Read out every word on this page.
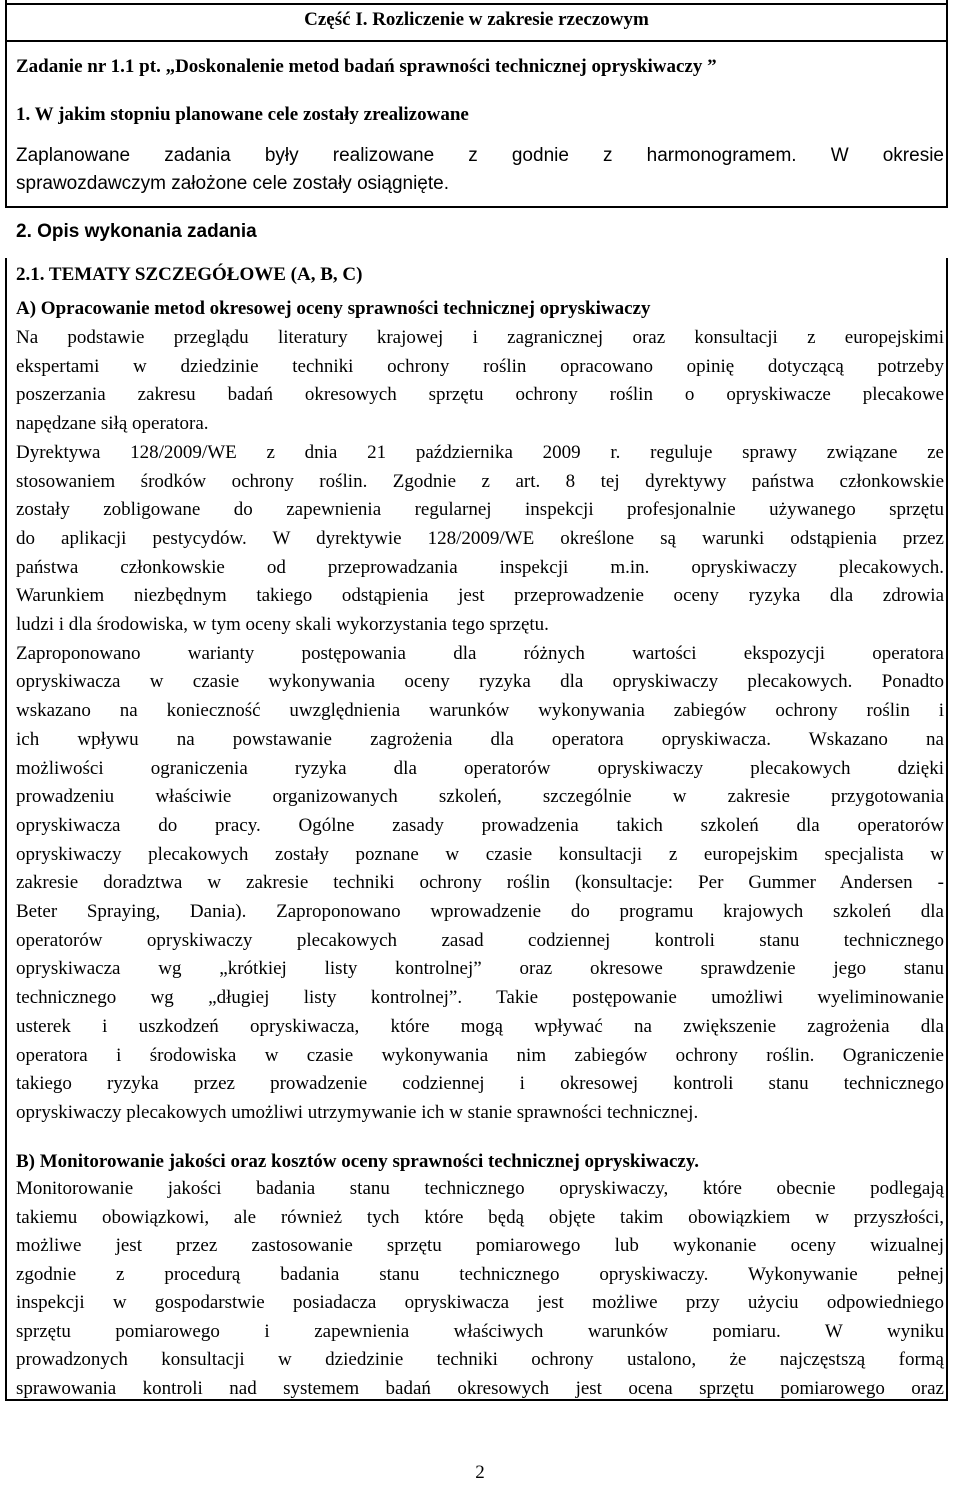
Część I. Rozliczenie w zakresie rzeczowym
Zadanie nr 1.1 pt. „Doskonalenie metod badań sprawności technicznej opryskiwaczy ”
1. W jakim stopniu planowane cele zostały zrealizowane
Zaplanowane zadania były realizowane z godnie z harmonogramem. W okresie
sprawozdawczym założone cele zostały osiągnięte.
2. Opis wykonania zadania
2.1. TEMATY SZCZEGÓŁOWE (A, B, C)
A) Opracowanie metod okresowej oceny sprawności technicznej opryskiwaczy
Na podstawie przeglądu literatury krajowej i zagranicznej oraz konsultacji z europejskimi
ekspertami w dziedzinie techniki ochrony roślin opracowano opinię dotyczącą potrzeby
poszerzania zakresu badań okresowych sprzętu ochrony roślin o opryskiwacze plecakowe
napędzane siłą operatora.
Dyrektywa 128/2009/WE z dnia 21 października 2009 r. reguluje sprawy związane ze
stosowaniem środków ochrony roślin. Zgodnie z art. 8 tej dyrektywy państwa członkowskie
zostały zobligowane do zapewnienia regularnej inspekcji profesjonalnie używanego sprzętu
do aplikacji pestycydów. W dyrektywie 128/2009/WE określone są warunki odstąpienia przez
państwa członkowskie od przeprowadzania inspekcji m.in. opryskiwaczy plecakowych.
Warunkiem niezbędnym takiego odstąpienia jest przeprowadzenie oceny ryzyka dla zdrowia
ludzi i dla środowiska, w tym oceny skali wykorzystania tego sprzętu.
Zaproponowano warianty postępowania dla różnych wartości ekspozycji operatora
opryskiwacza w czasie wykonywania oceny ryzyka dla opryskiwaczy plecakowych. Ponadto
wskazano na konieczność uwzględnienia warunków wykonywania zabiegów ochrony roślin i
ich wpływu na powstawanie zagrożenia dla operatora opryskiwacza. Wskazano na
możliwości ograniczenia ryzyka dla operatorów opryskiwaczy plecakowych dzięki
prowadzeniu właściwie organizowanych szkoleń, szczególnie w zakresie przygotowania
opryskiwacza do pracy. Ogólne zasady prowadzenia takich szkoleń dla operatorów
opryskiwaczy plecakowych zostały poznane w czasie konsultacji z europejskim specjalista w
zakresie doradztwa w zakresie techniki ochrony roślin (konsultacje: Per Gummer Andersen -
Beter Spraying, Dania). Zaproponowano wprowadzenie do programu krajowych szkoleń dla
operatorów opryskiwaczy plecakowych zasad codziennej kontroli stanu technicznego
opryskiwacza wg „krótkiej listy kontrolnej” oraz okresowe sprawdzenie jego stanu
technicznego wg „długiej listy kontrolnej”. Takie postępowanie umożliwi wyeliminowanie
usterek i uszkodzeń opryskiwacza, które mogą wpływać na zwiększenie zagrożenia dla
operatora i środowiska w czasie wykonywania nim zabiegów ochrony roślin. Ograniczenie
takiego ryzyka przez prowadzenie codziennej i okresowej kontroli stanu technicznego
opryskiwaczy plecakowych umożliwi utrzymywanie ich w stanie sprawności technicznej.
B) Monitorowanie jakości oraz kosztów oceny sprawności technicznej opryskiwaczy.
Monitorowanie jakości badania stanu technicznego opryskiwaczy, które obecnie podlegają
takiemu obowiązkowi, ale również tych które będą objęte takim obowiązkiem w przyszłości,
możliwe jest przez zastosowanie sprzętu pomiarowego lub wykonanie oceny wizualnej
zgodnie z procedurą badania stanu technicznego opryskiwaczy. Wykonywanie pełnej
inspekcji w gospodarstwie posiadacza opryskiwacza jest możliwe przy użyciu odpowiedniego
sprzętu pomiarowego i zapewnienia właściwych warunków pomiaru. W wyniku
prowadzonych konsultacji w dziedzinie techniki ochrony ustalono, że najczęstszą formą
sprawowania kontroli nad systemem badań okresowych jest ocena sprzętu pomiarowego oraz
2
